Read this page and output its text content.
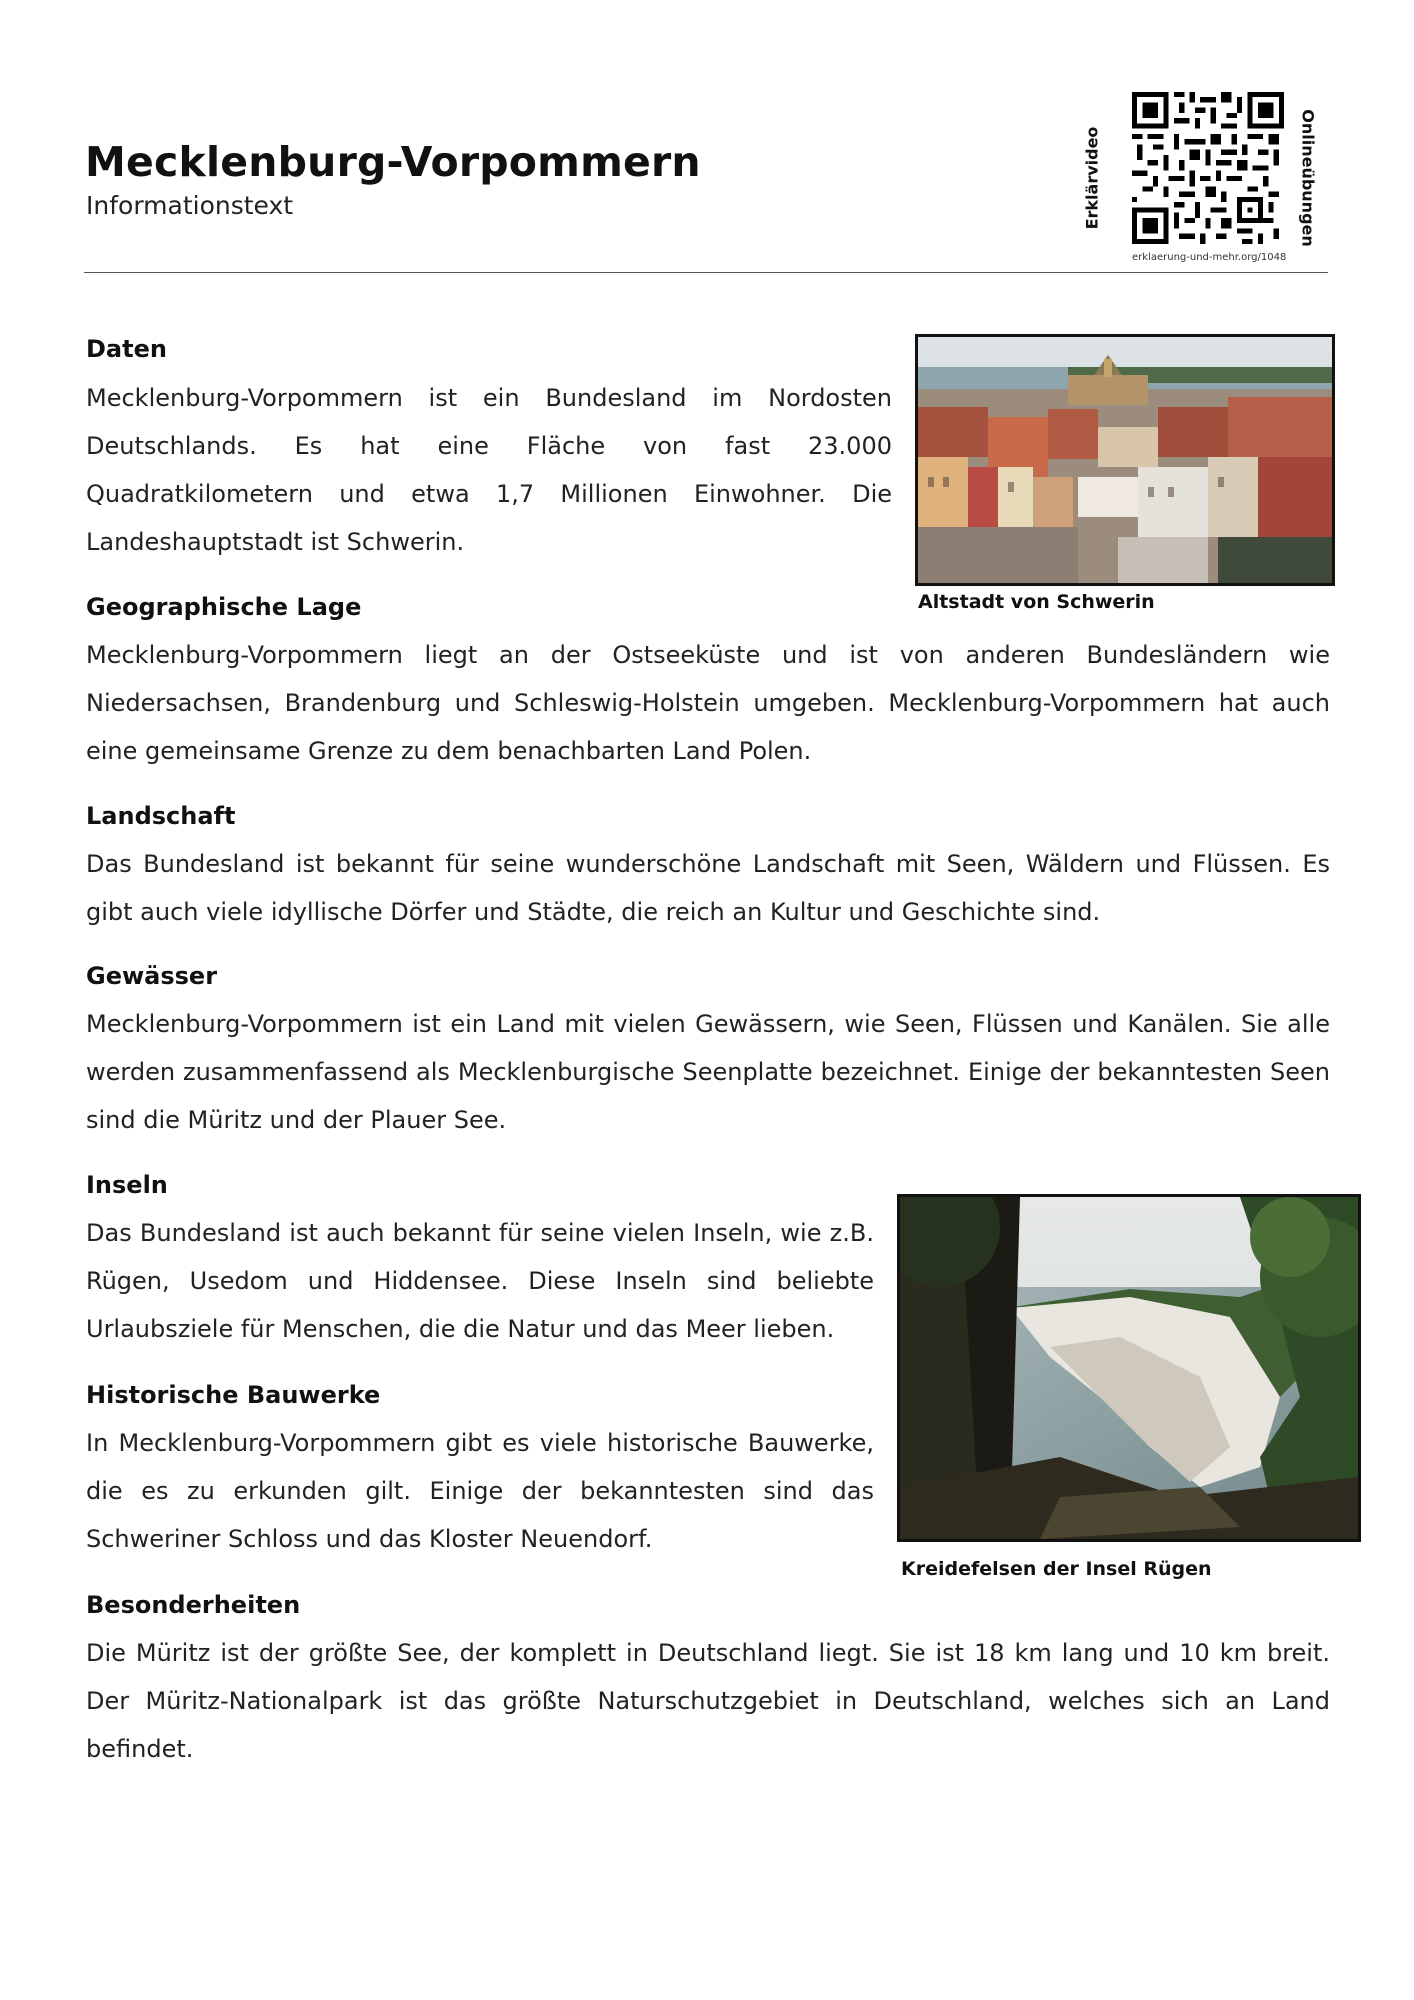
Mecklenburg-Vorpommern
Informationstext	Erklärvideo	Onlineübungen
erklaerung-und-mehr.org/1048
Daten
Mecklenburg-Vorpommern ist ein Bundesland im Nordosten Deutschlands. Es hat eine Fläche von fast 23.000 Quadratkilometern und etwa 1,7 Millionen Einwohner. Die Landeshauptstadt ist Schwerin.
Altstadt von Schwerin
Geographische Lage
Mecklenburg-Vorpommern liegt an der Ostseeküste und ist von anderen Bundesländern wie Niedersachsen, Brandenburg und Schleswig-Holstein umgeben. Mecklenburg-Vorpommern hat auch eine gemeinsame Grenze zu dem benachbarten Land Polen.
Landschaft
Das Bundesland ist bekannt für seine wunderschöne Landschaft mit Seen, Wäldern und Flüssen. Es gibt auch viele idyllische Dörfer und Städte, die reich an Kultur und Geschichte sind.
Gewässer
Mecklenburg-Vorpommern ist ein Land mit vielen Gewässern, wie Seen, Flüssen und Kanälen. Sie alle werden zusammenfassend als Mecklenburgische Seenplatte bezeichnet. Einige der bekanntesten Seen sind die Müritz und der Plauer See.
Inseln
Das Bundesland ist auch bekannt für seine vielen Inseln, wie z.B. Rügen, Usedom und Hiddensee. Diese Inseln sind beliebte Urlaubsziele für Menschen, die die Natur und das Meer lieben.
Kreidefelsen der Insel Rügen
Historische Bauwerke
In Mecklenburg-Vorpommern gibt es viele historische Bauwerke, die es zu erkunden gilt. Einige der bekanntesten sind das Schweriner Schloss und das Kloster Neuendorf.
Besonderheiten
Die Müritz ist der größte See, der komplett in Deutschland liegt. Sie ist 18 km lang und 10 km breit. Der Müritz-Nationalpark ist das größte Naturschutzgebiet in Deutschland, welches sich an Land befindet.
